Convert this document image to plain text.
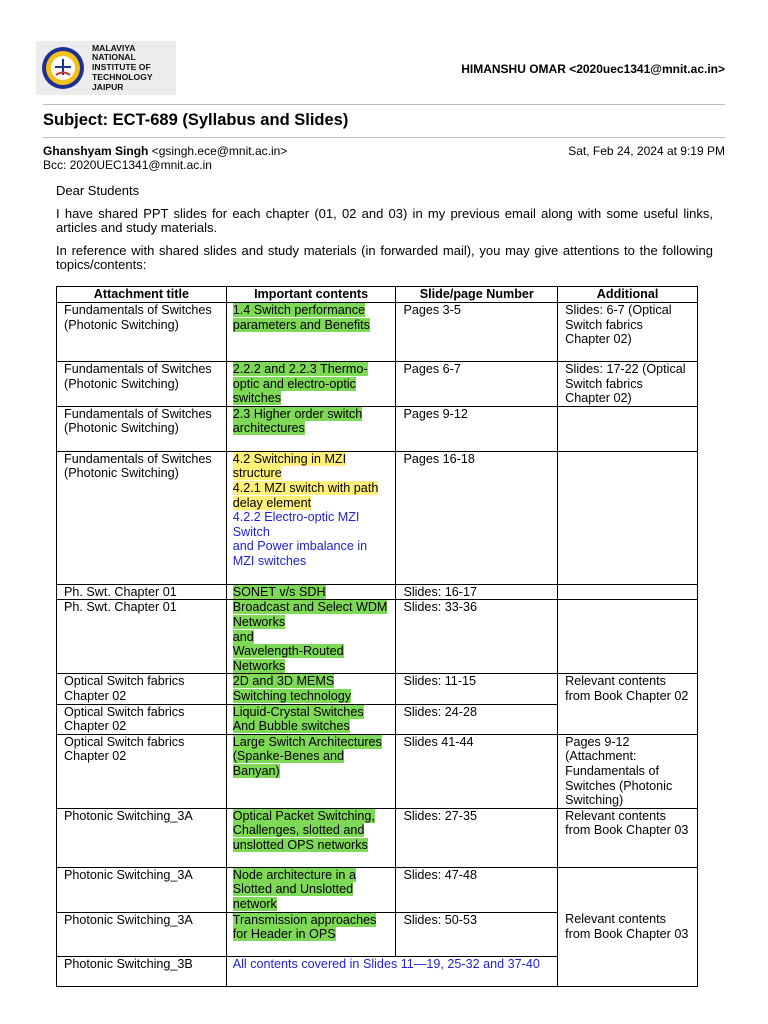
MALAVIYA
NATIONAL
INSTITUTE OF
TECHNOLOGY
JAIPUR
HIMANSHU OMAR <2020uec1341@mnit.ac.in>
Subject: ECT-689 (Syllabus and Slides)
Ghanshyam Singh <gsingh.ece@mnit.ac.in>	Sat, Feb 24, 2024 at 9:19 PM
Bcc: 2020UEC1341@mnit.ac.in

Dear Students

I have shared PPT slides for each chapter (01, 02 and 03) in my previous email along with some useful links, articles and study materials.

In reference with shared slides and study materials (in forwarded mail), you may give attentions to the following topics/contents:

Attachment title	Important contents	Slide/page Number	Additional
Fundamentals of Switches (Photonic Switching)	1.4 Switch performance parameters and Benefits	Pages 3-5	Slides: 6-7 (Optical Switch fabrics Chapter 02)
Fundamentals of Switches (Photonic Switching)	2.2.2 and 2.2.3 Thermo-optic and electro-optic switches	Pages 6-7	Slides: 17-22 (Optical Switch fabrics Chapter 02)
Fundamentals of Switches (Photonic Switching)	2.3 Higher order switch architectures	Pages 9-12	
Fundamentals of Switches (Photonic Switching)	4.2 Switching in MZI structure
4.2.1 MZI switch with path delay element
4.2.2 Electro-optic MZI Switch
and Power imbalance in MZI switches	Pages 16-18	
Ph. Swt. Chapter 01	SONET v/s SDH	Slides: 16-17	
Ph. Swt. Chapter 01	Broadcast and Select WDM Networks
and
Wavelength-Routed Networks	Slides: 33-36	
Optical Switch fabrics Chapter 02	2D and 3D MEMS Switching technology	Slides: 11-15	Relevant contents from Book Chapter 02
Optical Switch fabrics Chapter 02	Liquid-Crystal Switches And Bubble switches	Slides: 24-28	
Optical Switch fabrics Chapter 02	Large Switch Architectures (Spanke-Benes and Banyan)	Slides 41-44	Pages 9-12 (Attachment: Fundamentals of Switches (Photonic Switching)
Photonic Switching_3A	Optical Packet Switching, Challenges, slotted and unslotted OPS networks	Slides: 27-35	Relevant contents from Book Chapter 03
Photonic Switching_3A	Node architecture in a Slotted and Unslotted network	Slides: 47-48	Relevant contents from Book Chapter 03
Photonic Switching_3A	Transmission approaches for Header in OPS	Slides: 50-53	
Photonic Switching_3B	All contents covered in Slides 11—19, 25-32 and 37-40		
